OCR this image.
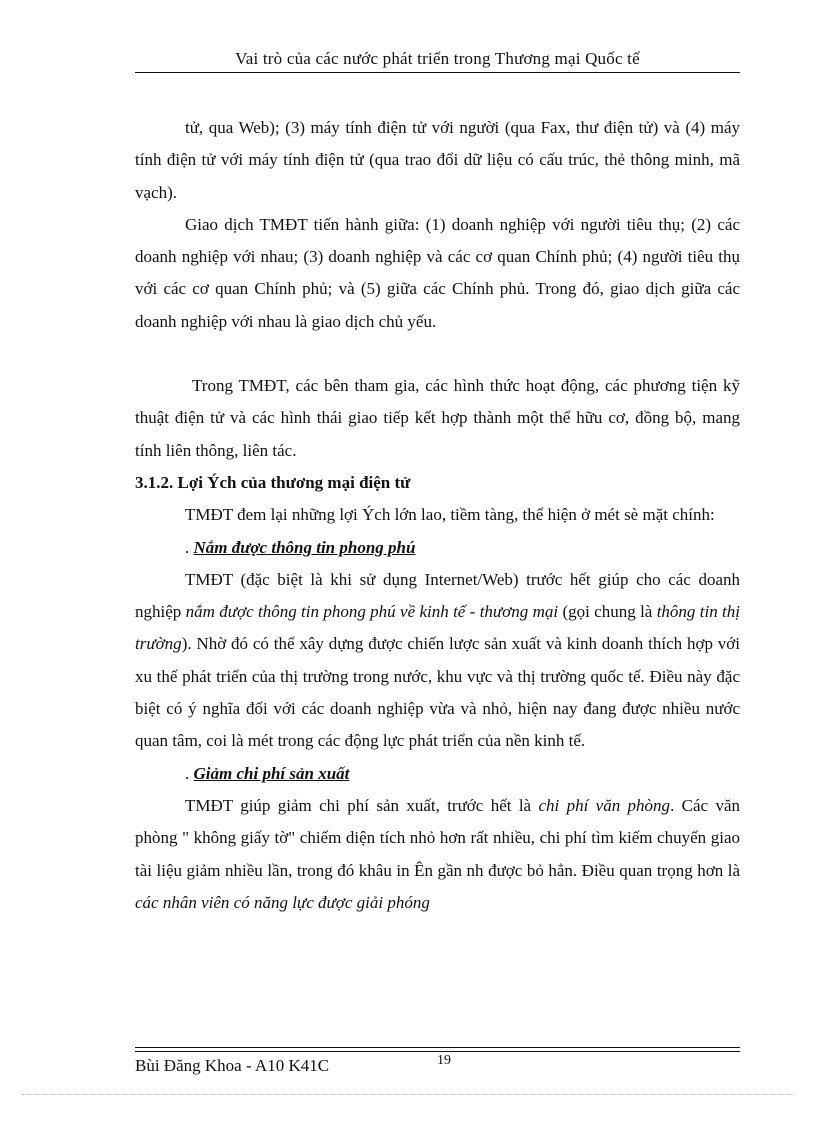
Vai trò của các nước phát triển trong Thương mại Quốc tế

tử, qua Web); (3) máy tính điện tử với người (qua Fax, thư điện tử) và (4) máy tính điện tử với máy tính điện tử (qua trao đổi dữ liệu có cấu trúc, thẻ thông minh, mã vạch).

Giao dịch TMĐT tiến hành giữa: (1) doanh nghiệp với người tiêu thụ; (2) các doanh nghiệp với nhau; (3) doanh nghiệp và các cơ quan Chính phủ; (4) người tiêu thụ với các cơ quan Chính phủ; và (5) giữa các Chính phủ. Trong đó, giao dịch giữa các doanh nghiệp với nhau là giao dịch chủ yếu.

Trong TMĐT, các bên tham gia, các hình thức hoạt động, các phương tiện kỹ thuật điện tử và các hình thái giao tiếp kết hợp thành một thể hữu cơ, đồng bộ, mang tính liên thông, liên tác.

3.1.2. Lợi Ých của thương mại điện tử

TMĐT đem lại những lợi Ých lớn lao, tiềm tàng, thể hiện ở mét sè mặt chính:

. Nắm được thông tin phong phú

TMĐT (đặc biệt là khi sử dụng Internet/Web) trước hết giúp cho các doanh nghiệp nắm được thông tin phong phú về kinh tế - thương mại (gọi chung là thông tin thị trường). Nhờ đó có thể xây dựng được chiến lược sản xuất và kinh doanh thích hợp với xu thế phát triển của thị trường trong nước, khu vực và thị trường quốc tế. Điều này đặc biệt có ý nghĩa đối với các doanh nghiệp vừa và nhỏ, hiện nay đang được nhiều nước quan tâm, coi là mét trong các động lực phát triển của nền kinh tế.

. Giảm chi phí sản xuất

TMĐT giúp giảm chi phí sản xuất, trước hết là chi phí văn phòng. Các văn phòng " không giấy tờ" chiếm diện tích nhỏ hơn rất nhiều, chi phí tìm kiếm chuyển giao tài liệu giảm nhiều lần, trong đó khâu in Ên gần nh được bỏ hẳn. Điều quan trọng hơn là các nhân viên có năng lực được giải phóng

Bùi Đăng Khoa - A10 K41C	19
